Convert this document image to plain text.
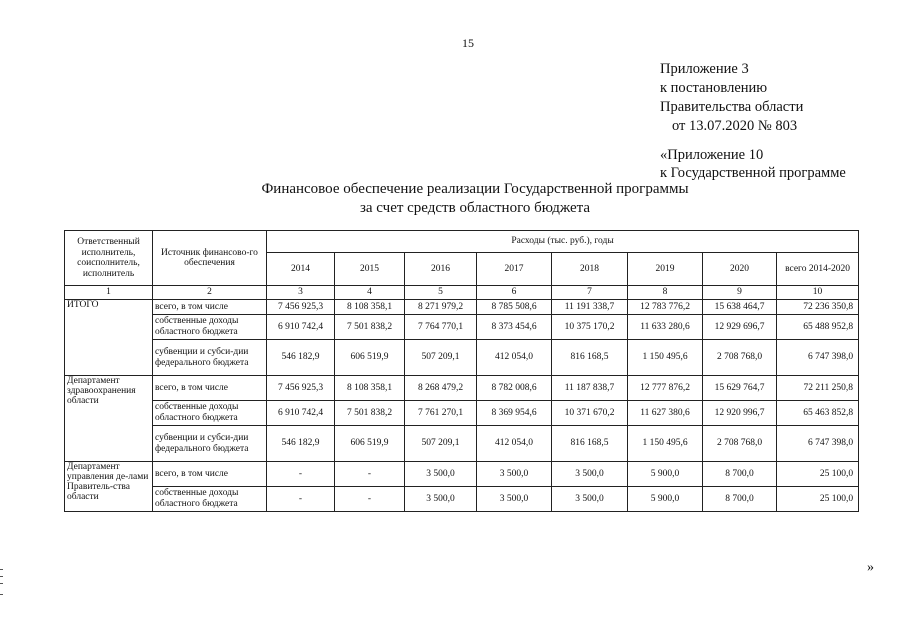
15
Приложение 3
к постановлению
Правительства области
от 13.07.2020 № 803
«Приложение 10
к Государственной программе
Финансовое обеспечение реализации Государственной программы
за счет средств областного бюджета
Ответственный исполнитель, соисполнитель, исполнитель	Источник финансово-го обеспечения	Расходы (тыс. руб.), годы							
		2014	2015	2016	2017	2018	2019	2020	всего 2014-2020
1	2	3	4	5	6	7	8	9	10
ИТОГО	всего, в том числе	7 456 925,3	8 108 358,1	8 271 979,2	8 785 508,6	11 191 338,7	12 783 776,2	15 638 464,7	72 236 350,8
	собственные доходы областного бюджета	6 910 742,4	7 501 838,2	7 764 770,1	8 373 454,6	10 375 170,2	11 633 280,6	12 929 696,7	65 488 952,8
	субвенции и субси-дии федерального бюджета	546 182,9	606 519,9	507 209,1	412 054,0	816 168,5	1 150 495,6	2 708 768,0	6 747 398,0
Департамент здравоохранения области	всего, в том числе	7 456 925,3	8 108 358,1	8 268 479,2	8 782 008,6	11 187 838,7	12 777 876,2	15 629 764,7	72 211 250,8
	собственные доходы областного бюджета	6 910 742,4	7 501 838,2	7 761 270,1	8 369 954,6	10 371 670,2	11 627 380,6	12 920 996,7	65 463 852,8
	субвенции и субси-дии федерального бюджета	546 182,9	606 519,9	507 209,1	412 054,0	816 168,5	1 150 495,6	2 708 768,0	6 747 398,0
Департамент управления де-лами Правитель-ства области	всего, в том числе	-	-	3 500,0	3 500,0	3 500,0	5 900,0	8 700,0	25 100,0
	собственные доходы областного бюджета	-	-	3 500,0	3 500,0	3 500,0	5 900,0	8 700,0	25 100,0
»
